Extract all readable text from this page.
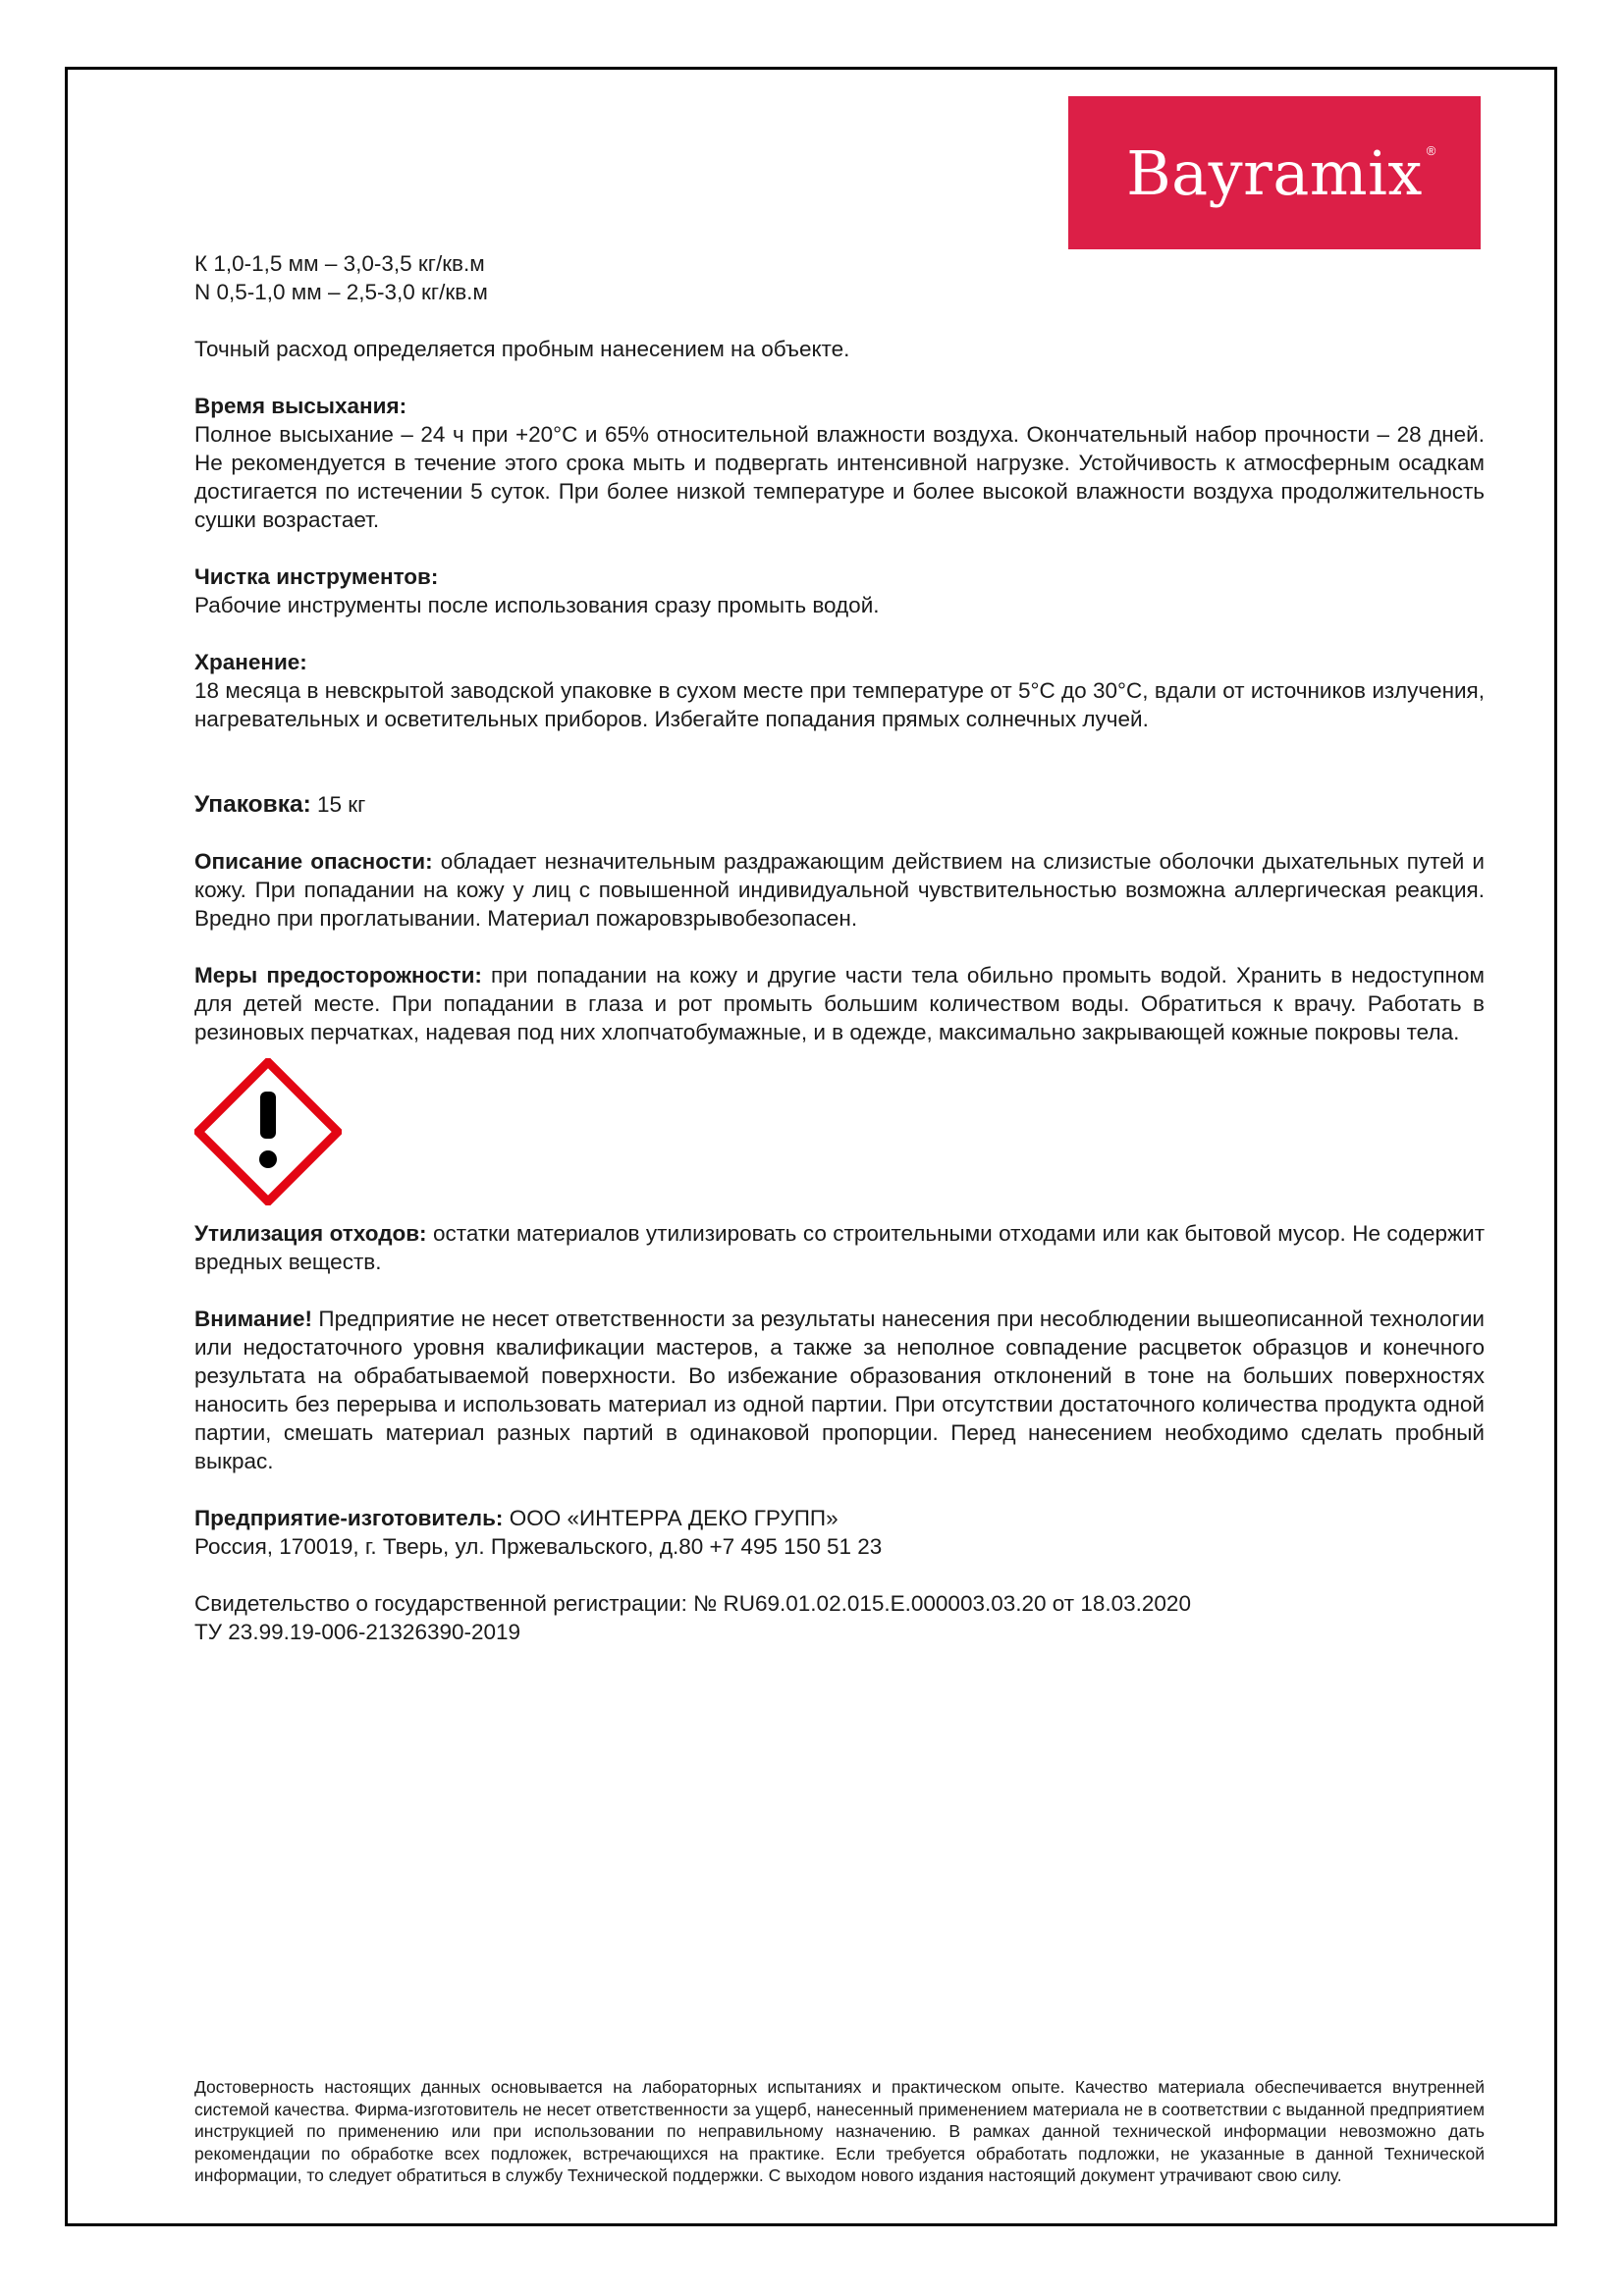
Bayramix ®
К 1,0-1,5 мм – 3,0-3,5 кг/кв.м
N 0,5-1,0 мм – 2,5-3,0 кг/кв.м

Точный расход определяется пробным нанесением на объекте.

Время высыхания:

Полное высыхание – 24 ч при +20°C и 65% относительной влажности воздуха. Окончательный набор прочности – 28 дней. Не рекомендуется в течение этого срока мыть и подвергать интенсивной нагрузке. Устойчивость к атмосферным осадкам достигается по истечении 5 суток. При более низкой температуре и более высокой влажности воздуха продолжительность сушки возрастает.

Чистка инструментов:

Рабочие инструменты после использования сразу промыть водой.

Хранение:

18 месяца в невскрытой заводской упаковке в сухом месте при температуре от 5°C до 30°C, вдали от источников излучения, нагревательных и осветительных приборов. Избегайте попадания прямых солнечных лучей.

Упаковка: 15 кг

Описание опасности: обладает незначительным раздражающим действием на слизистые оболочки дыхательных путей и кожу. При попадании на кожу у лиц с повышенной индивидуальной чувствительностью возможна аллергическая реакция. Вредно при проглатывании. Материал пожаровзрывобезопасен.

Меры предосторожности: при попадании на кожу и другие части тела обильно промыть водой. Хранить в недоступном для детей месте. При попадании в глаза и рот промыть большим количеством воды. Обратиться к врачу. Работать в резиновых перчатках, надевая под них хлопчатобумажные, и в одежде, максимально закрывающей кожные покровы тела.

Утилизация отходов: остатки материалов утилизировать со строительными отходами или как бытовой мусор. Не содержит вредных веществ.

Внимание! Предприятие не несет ответственности за результаты нанесения при несоблюдении вышеописанной технологии или недостаточного уровня квалификации мастеров, а также за неполное совпадение расцветок образцов и конечного результата на обрабатываемой поверхности. Во избежание образования отклонений в тоне на больших поверхностях наносить без перерыва и использовать материал из одной партии. При отсутствии достаточного количества продукта одной партии, смешать материал разных партий в одинаковой пропорции. Перед нанесением необходимо сделать пробный выкрас.

Предприятие-изготовитель: ООО «ИНТЕРРА ДЕКО ГРУПП»
Россия, 170019, г. Тверь, ул. Пржевальского, д.80 +7 495 150 51 23
Свидетельство о государственной регистрации: № RU69.01.02.015.Е.000003.03.20 от 18.03.2020
ТУ 23.99.19-006-21326390-2019

Достоверность настоящих данных основывается на лабораторных испытаниях и практическом опыте. Качество материала обеспечивается внутренней системой качества. Фирма-изготовитель не несет ответственности за ущерб, нанесенный применением материала не в соответствии с выданной предприятием инструкцией по применению или при использовании по неправильному назначению. В рамках данной технической информации невозможно дать рекомендации по обработке всех подложек, встречающихся на практике. Если требуется обработать подложки, не указанные в данной Технической информации, то следует обратиться в службу Технической поддержки. С выходом нового издания настоящий документ утрачивают свою силу.
